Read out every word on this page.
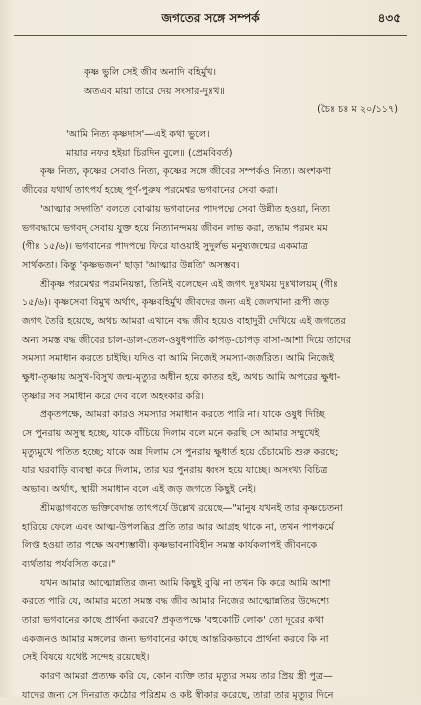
জগতের সঙ্গে সম্পর্ক	৪৩৫
কৃষ্ণ ভুলি সেই জীব অনাদি বহির্মুখ।
অতএব মায়া তারে দেয় সংসার-দুঃখ॥
(চৈঃ চঃ ম ২০/১১৭)
'আমি নিত্য কৃষ্ণদাস'—এই কথা ভুলে।
মায়ার নফর হইয়া চিরদিন বুলে॥ (প্রেমবিবর্ত)
কৃষ্ণ নিত্য, কৃষ্ণের সেবাও নিত্য, কৃষ্ণের সঙ্গে জীবের সম্পর্কও নিত্য। অংশকণা
জীবের যথার্থ তাৎপর্য হচ্ছে পূর্ণ-পুরুষ পরমেশ্বর ভগবানের সেবা করা।
'আত্মার সদ্গতি' বলতে বোঝায় ভগবানের পাদপদ্মে সেবা উন্নীত হওয়া, নিত্য
ভগবদ্ধামে ভগবদ্ সেবায় যুক্ত হয়ে নিত্যানন্দময় জীবন লাভ করা, তদ্ধাম পরমং মম
(গীঃ ১৫/৬)। ভগবানের পাদপদ্মে ফিরে যাওয়াই সুদুর্লভ মনুষ্যজন্মের একমাত্র
সার্থকতা। কিন্তু 'কৃষ্ণভজন' ছাড়া 'আত্মার উন্নতি' অসম্ভব।
শ্রীকৃষ্ণ পরমেশ্বর পরমনিয়ন্তা, তিনিই বলেছেন এই জগৎ দুঃখময় দুঃখালয়ম্ (গীঃ
১৫/৬)। কৃষ্ণসেবা বিমুখ অর্থাৎ, কৃষ্ণবহির্মুখ জীবদের জন্য এই জেলখানা রূপী জড়
জগৎ তৈরি হয়েছে, অথচ আমরা এখানে বদ্ধ জীব হয়েও বাহাদুরী দেখিয়ে এই জগতের
অন্য সমস্ত বদ্ধ জীবের চাল-ডাল-তেল-ওষুধপাতি কাপড়-চোপড় বাসা-আশা দিয়ে তাদের
সমস্যা সমাধান করতে চাইছি। যদিও বা আমি নিজেই সমস্যা-জর্জরিত। আমি নিজেই
ক্ষুধা-তৃষ্ণায় অসুখ-বিসুখ জন্ম-মৃত্যুর অধীন হয়ে কাতর হই, অথচ আমি অপরের ক্ষুধা-
তৃষ্ণার সব সমাধান করে দেব বলে অহংকার করি।
প্রকৃতপক্ষে, আমরা কারও সমস্যার সমাধান করতে পারি না। যাকে ওষুধ দিচ্ছি
সে পুনরায় অসুস্থ হচ্ছে, যাকে বাঁচিয়ে দিলাম বলে মনে করছি সে আমার সম্মুখেই
মৃত্যুমুখে পতিত হচ্ছে; যাকে অন্ন দিলাম সে পুনরায় ক্ষুধার্ত হয়ে চেঁচামেচি শুরু করছে;
যার ঘরবাড়ি ব্যবস্থা করে দিলাম, তার ঘর পুনরায় ধ্বংস হয়ে যাচ্ছে। অসংখ্য বিচিত্র
অভাব। অর্থাৎ, স্থায়ী সমাধান বলে এই জড় জগতে কিছুই নেই।
শ্রীমদ্ভাগবতে ভক্তিবেদান্ত তাৎপর্যে উল্লেখ রয়েছে—"মানুষ যখনই তার কৃষ্ণচেতনা
হারিয়ে ফেলে এবং আত্ম-উপলব্ধির প্রতি তার আর আগ্রহ থাকে না, তখন পাপকর্মে
লিপ্ত হওয়া তার পক্ষে অবশ্যম্ভাবী। কৃষ্ণভাবনাবিহীন সমস্ত কার্যকলাপই জীবনকে
ব্যর্থতায় পর্যবসিত করে।"
যখন আমার আত্মোন্নতির জন্য আমি কিছুই বুঝি না তখন কি করে আমি আশা
করতে পারি যে, আমার মতো সমস্ত বদ্ধ জীব আমার নিজের আত্মোন্নতির উদ্দেশ্যে
তারা ভগবানের কাছে প্রার্থনা করবে? প্রকৃতপক্ষে 'বহুকোটি লোক' তো দূরের কথা
একজনও আমার মঙ্গলের জন্য ভগবানের কাছে আন্তরিকভাবে প্রার্থনা করবে কি না
সেই বিষয়ে যথেষ্ট সন্দেহ রয়েছেই।
কারণ আমরা প্রত্যক্ষ করি যে, কোন ব্যক্তি তার মৃত্যুর সময় তার প্রিয় স্ত্রী পুত্র—
যাদের জন্য সে দিনরাত কঠোর পরিশ্রম ও কষ্ট স্বীকার করেছে, তারা তার মৃত্যুর দিনে
